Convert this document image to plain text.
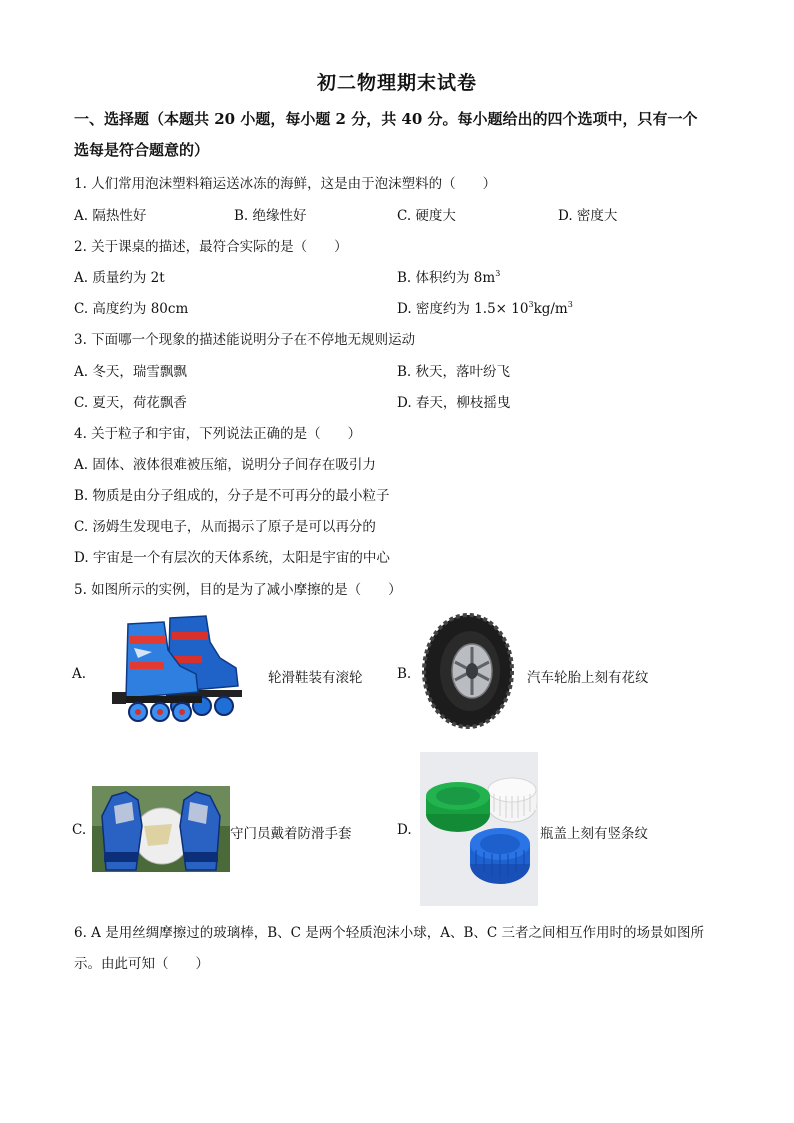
初二物理期末试卷
一、选择题（本题共 20 小题，每小题 2 分，共 40 分。每小题给出的四个选项中，只有一个
选每是符合题意的）
1. 人们常用泡沫塑料箱运送冰冻的海鲜，这是由于泡沫塑料的（　　）
A. 隔热性好	B. 绝缘性好	C. 硬度大	D. 密度大
2. 关于课桌的描述，最符合实际的是（　　）
A. 质量约为 2t	B. 体积约为 $8m^3$
C. 高度约为 80cm	D. 密度约为 $1.5\times 10^3kg/m^3$
3. 下面哪一个现象的描述能说明分子在不停地无规则运动
A. 冬天，瑞雪飘飘	B. 秋天，落叶纷飞
C. 夏天，荷花飘香	D. 春天，柳枝摇曳
4. 关于粒子和宇宙，下列说法正确的是（　　）
A. 固体、液体很难被压缩，说明分子间存在吸引力
B. 物质是由分子组成的，分子是不可再分的最小粒子
C. 汤姆生发现电子，从而揭示了原子是可以再分的
D. 宇宙是一个有层次的天体系统，太阳是宇宙的中心
5. 如图所示的实例，目的是为了减小摩擦的是（　　）
A.	轮滑鞋装有滚轮	B.	汽车轮胎上刻有花纹
C.	守门员戴着防滑手套	D.	瓶盖上刻有竖条纹
6. A 是用丝绸摩擦过的玻璃棒，B、C 是两个轻质泡沫小球，A、B、C 三者之间相互作用时的场景如图所
示。由此可知（　　）
